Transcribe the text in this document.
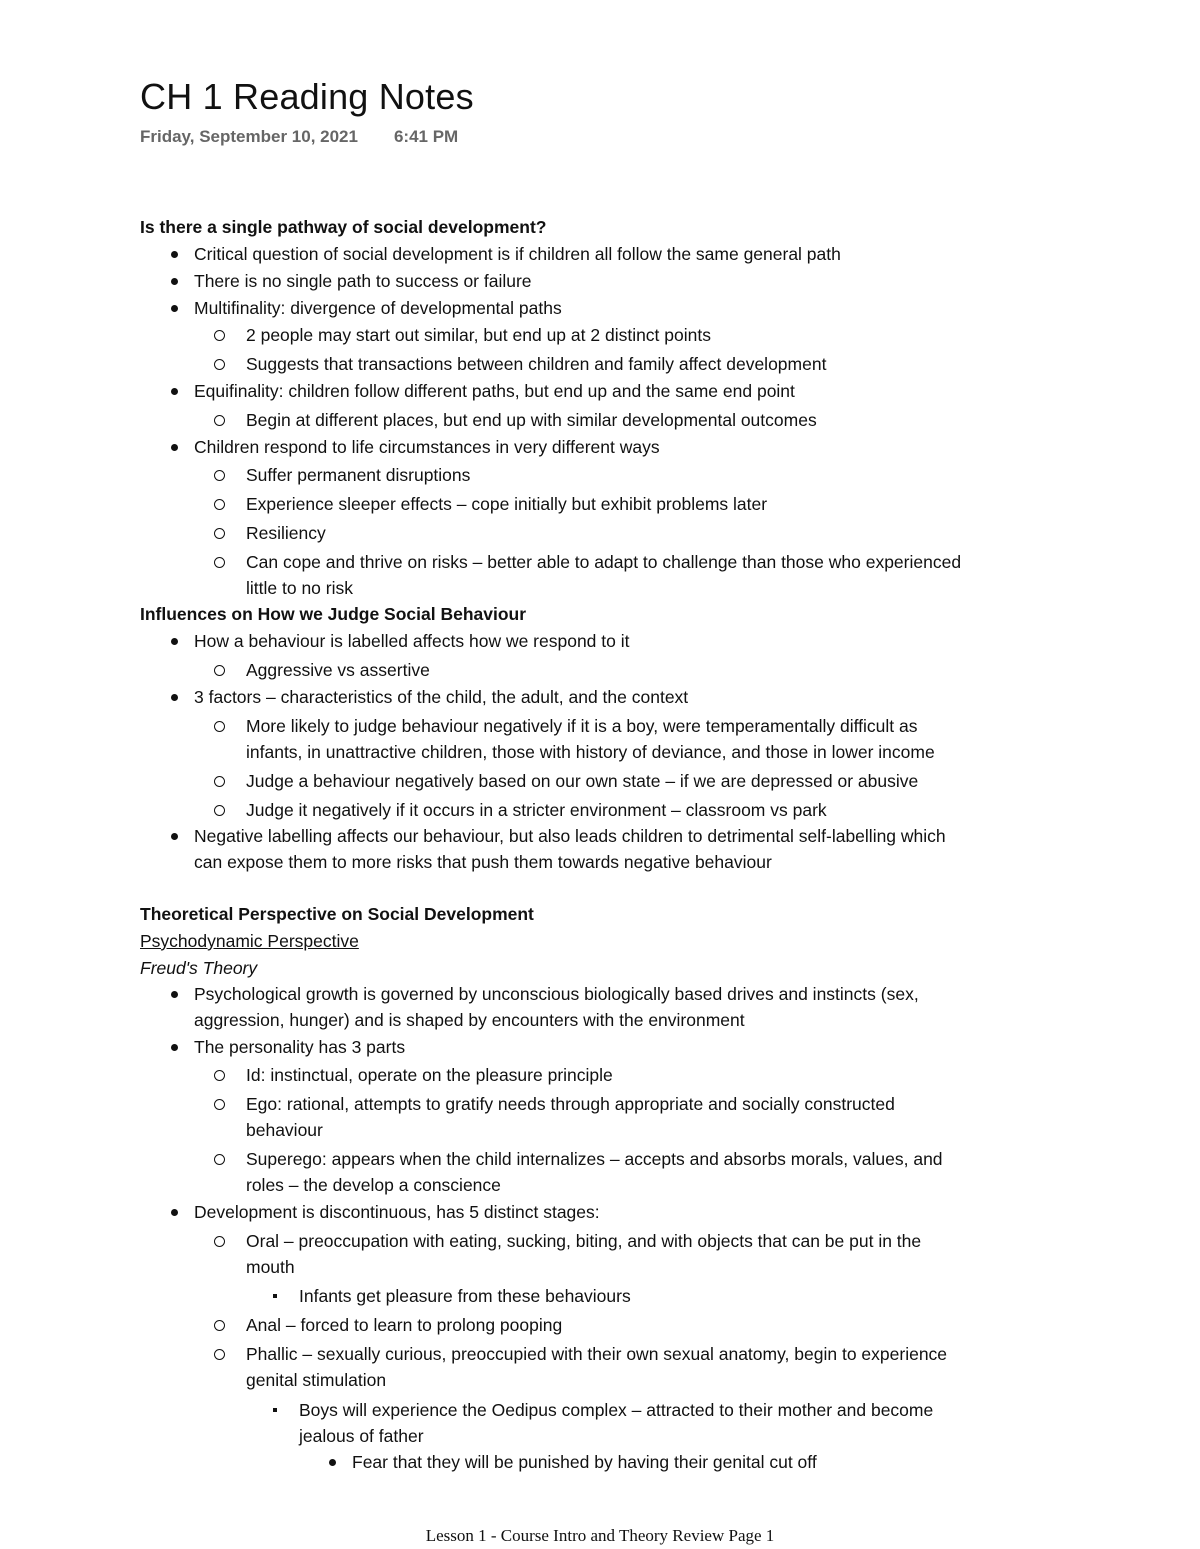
CH 1 Reading Notes
Friday, September 10, 2021 6:41 PM
Is there a single pathway of social development?
Critical question of social development is if children all follow the same general path
There is no single path to success or failure
Multifinality: divergence of developmental paths
2 people may start out similar, but end up at 2 distinct points
Suggests that transactions between children and family affect development
Equifinality: children follow different paths, but end up and the same end point
Begin at different places, but end up with similar developmental outcomes
Children respond to life circumstances in very different ways
Suffer permanent disruptions
Experience sleeper effects – cope initially but exhibit problems later
Resiliency
Can cope and thrive on risks – better able to adapt to challenge than those who experienced
little to no risk
Influences on How we Judge Social Behaviour
How a behaviour is labelled affects how we respond to it
Aggressive vs assertive
3 factors – characteristics of the child, the adult, and the context
More likely to judge behaviour negatively if it is a boy, were temperamentally difficult as
infants, in unattractive children, those with history of deviance, and those in lower income
Judge a behaviour negatively based on our own state – if we are depressed or abusive
Judge it negatively if it occurs in a stricter environment – classroom vs park
Negative labelling affects our behaviour, but also leads children to detrimental self-labelling which
can expose them to more risks that push them towards negative behaviour
Theoretical Perspective on Social Development
Psychodynamic Perspective
Freud's Theory
Psychological growth is governed by unconscious biologically based drives and instincts (sex,
aggression, hunger) and is shaped by encounters with the environment
The personality has 3 parts
Id: instinctual, operate on the pleasure principle
Ego: rational, attempts to gratify needs through appropriate and socially constructed
behaviour
Superego: appears when the child internalizes – accepts and absorbs morals, values, and
roles – the develop a conscience
Development is discontinuous, has 5 distinct stages:
Oral – preoccupation with eating, sucking, biting, and with objects that can be put in the
mouth
Infants get pleasure from these behaviours
Anal – forced to learn to prolong pooping
Phallic – sexually curious, preoccupied with their own sexual anatomy, begin to experience
genital stimulation
Boys will experience the Oedipus complex – attracted to their mother and become
jealous of father
Fear that they will be punished by having their genital cut off
Lesson 1 - Course Intro and Theory Review Page 1
